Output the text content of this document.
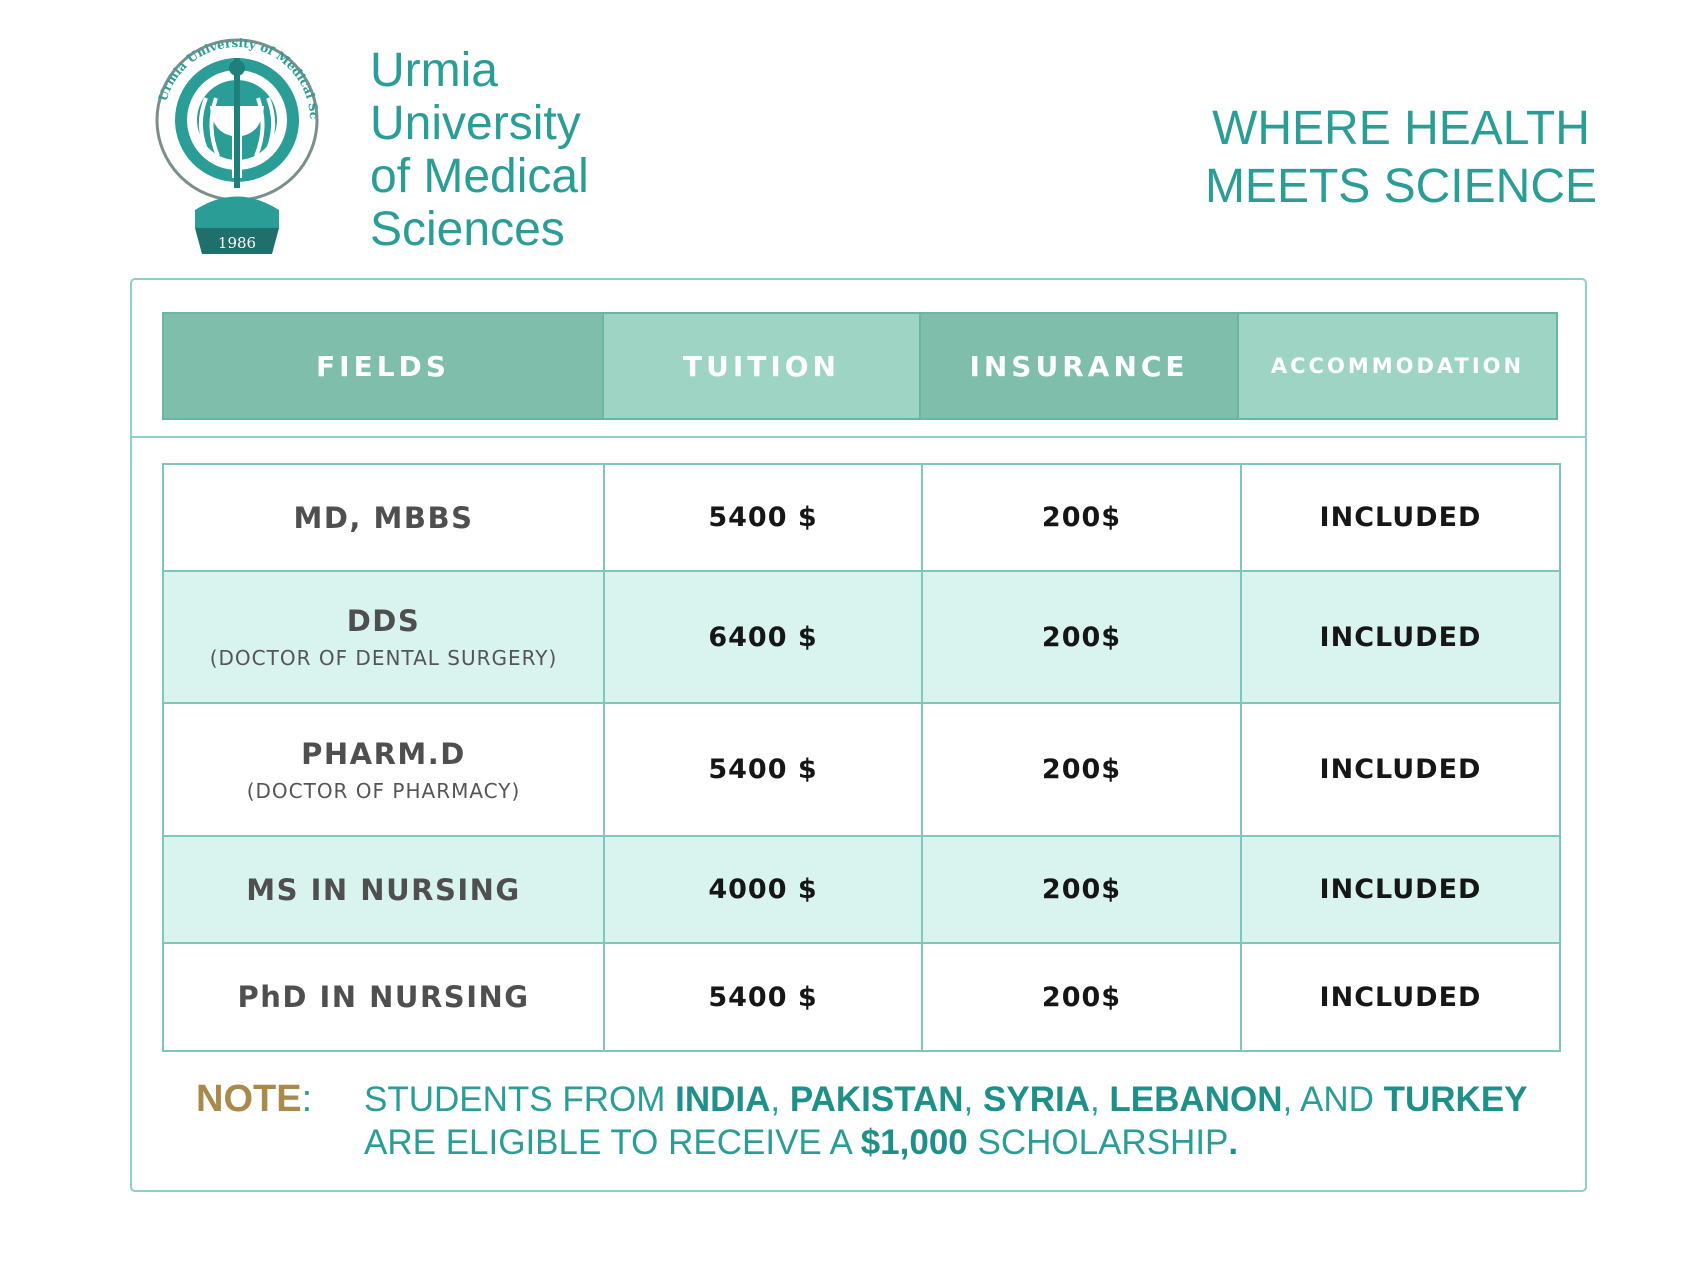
Urmia University of Medical Sc
1986
Urmia
University
of Medical
Sciences
WHERE HEALTH
MEETS SCIENCE
FIELDS	TUITION	INSURANCE	ACCOMMODATION
MD, MBBS	5400 $	200$	INCLUDED
DDS
(DOCTOR OF DENTAL SURGERY)	6400 $	200$	INCLUDED
PHARM.D
(DOCTOR OF PHARMACY)	5400 $	200$	INCLUDED
MS IN NURSING	4000 $	200$	INCLUDED
PhD IN NURSING	5400 $	200$	INCLUDED
NOTE: STUDENTS FROM INDIA, PAKISTAN, SYRIA, LEBANON, AND TURKEY ARE ELIGIBLE TO RECEIVE A $1,000 SCHOLARSHIP.
